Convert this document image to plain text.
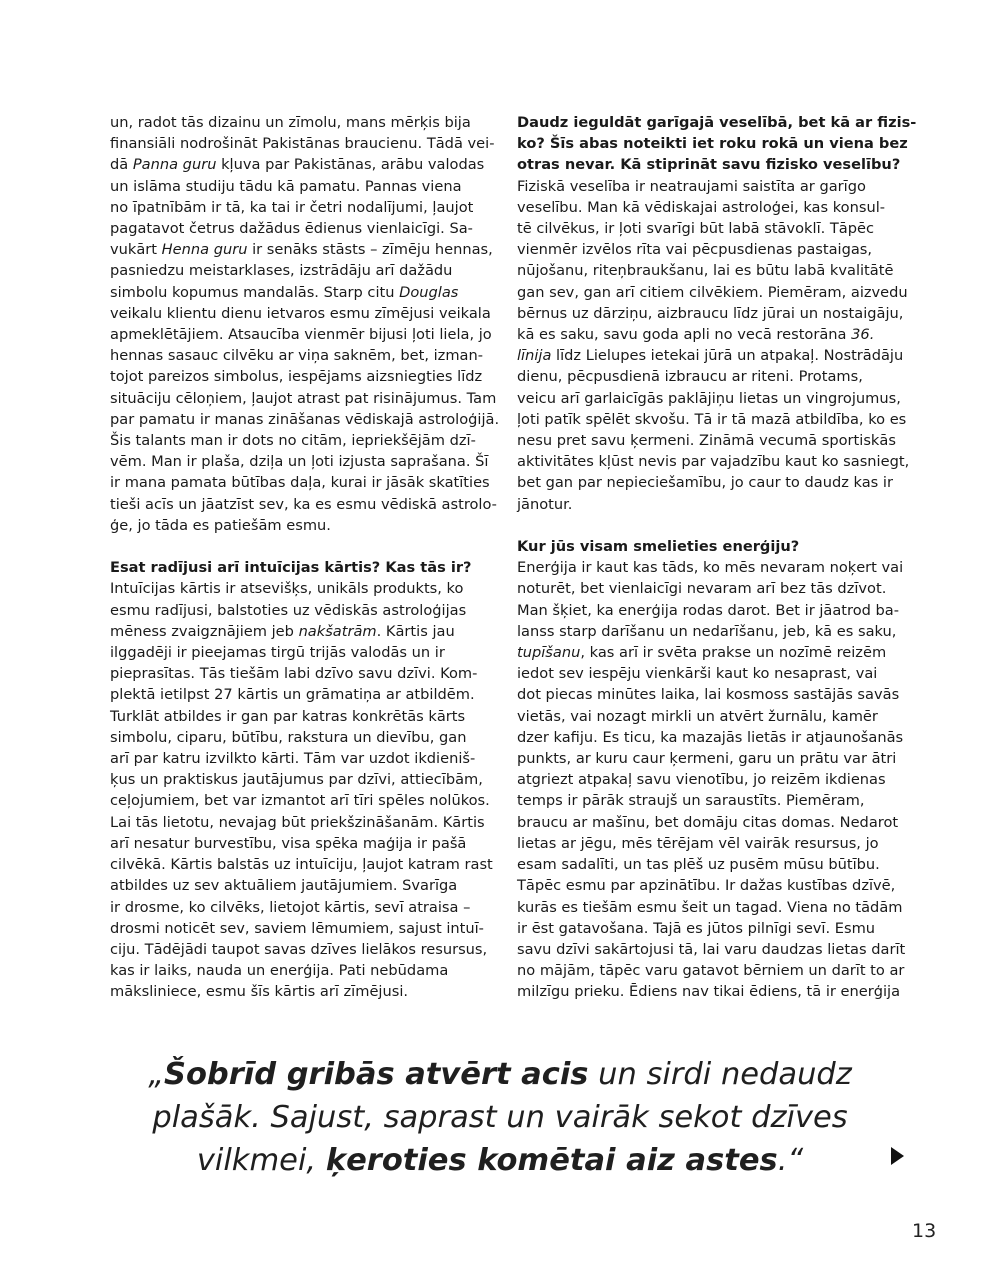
un, radot tās dizainu un zīmolu, mans mērķis bija
finansiāli nodrošināt Pakistānas braucienu. Tādā vei-
dā Panna guru kļuva par Pakistānas, arābu valodas
un islāma studiju tādu kā pamatu. Pannas viena
no īpatnībām ir tā, ka tai ir četri nodalījumi, ļaujot
pagatavot četrus dažādus ēdienus vienlaicīgi. Sa-
vukārt Henna guru ir senāks stāsts – zīmēju hennas,
pasniedzu meistarklases, izstrādāju arī dažādu
simbolu kopumus mandalās. Starp citu Douglas
veikalu klientu dienu ietvaros esmu zīmējusi veikala
apmeklētājiem. Atsaucība vienmēr bijusi ļoti liela, jo
hennas sasauc cilvēku ar viņa saknēm, bet, izman-
tojot pareizos simbolus, iespējams aizsniegties līdz
situāciju cēloņiem, ļaujot atrast pat risinājumus. Tam
par pamatu ir manas zināšanas vēdiskajā astroloģijā.
Šis talants man ir dots no citām, iepriekšējām dzī-
vēm. Man ir plaša, dziļa un ļoti izjusta saprašana. Šī
ir mana pamata būtības daļa, kurai ir jāsāk skatīties
tieši acīs un jāatzīst sev, ka es esmu vēdiskā astrolo-
ģe, jo tāda es patiešām esmu.
Esat radījusi arī intuīcijas kārtis? Kas tās ir?
Intuīcijas kārtis ir atsevišķs, unikāls produkts, ko
esmu radījusi, balstoties uz vēdiskās astroloģijas
mēness zvaigznājiem jeb nakšatrām. Kārtis jau
ilggadēji ir pieejamas tirgū trijās valodās un ir
pieprasītas. Tās tiešām labi dzīvo savu dzīvi. Kom-
plektā ietilpst 27 kārtis un grāmatiņa ar atbildēm.
Turklāt atbildes ir gan par katras konkrētās kārts
simbolu, ciparu, būtību, rakstura un dievību, gan
arī par katru izvilkto kārti. Tām var uzdot ikdieniš-
ķus un praktiskus jautājumus par dzīvi, attiecībām,
ceļojumiem, bet var izmantot arī tīri spēles nolūkos.
Lai tās lietotu, nevajag būt priekšzināšanām. Kārtis
arī nesatur burvestību, visa spēka maģija ir pašā
cilvēkā. Kārtis balstās uz intuīciju, ļaujot katram rast
atbildes uz sev aktuāliem jautājumiem. Svarīga
ir drosme, ko cilvēks, lietojot kārtis, sevī atraisa –
drosmi noticēt sev, saviem lēmumiem, sajust intuī-
ciju. Tādējādi taupot savas dzīves lielākos resursus,
kas ir laiks, nauda un enerģija. Pati nebūdama
māksliniece, esmu šīs kārtis arī zīmējusi.
Daudz ieguldāt garīgajā veselībā, bet kā ar fizis-
ko? Šīs abas noteikti iet roku rokā un viena bez
otras nevar. Kā stiprināt savu fizisko veselību?
Fiziskā veselība ir neatraujami saistīta ar garīgo
veselību. Man kā vēdiskajai astroloģei, kas konsul-
tē cilvēkus, ir ļoti svarīgi būt labā stāvoklī. Tāpēc
vienmēr izvēlos rīta vai pēcpusdienas pastaigas,
nūjošanu, riteņbraukšanu, lai es būtu labā kvalitātē
gan sev, gan arī citiem cilvēkiem. Piemēram, aizvedu
bērnus uz dārziņu, aizbraucu līdz jūrai un nostaigāju,
kā es saku, savu goda apli no vecā restorāna 36.
līnija līdz Lielupes ietekai jūrā un atpakaļ. Nostrādāju
dienu, pēcpusdienā izbraucu ar riteni. Protams,
veicu arī garlaicīgās paklājiņu lietas un vingrojumus,
ļoti patīk spēlēt skvošu. Tā ir tā mazā atbildība, ko es
nesu pret savu ķermeni. Zināmā vecumā sportiskās
aktivitātes kļūst nevis par vajadzību kaut ko sasniegt,
bet gan par nepieciešamību, jo caur to daudz kas ir
jānotur.
Kur jūs visam smelieties enerģiju?
Enerģija ir kaut kas tāds, ko mēs nevaram noķert vai
noturēt, bet vienlaicīgi nevaram arī bez tās dzīvot.
Man šķiet, ka enerģija rodas darot. Bet ir jāatrod ba-
lanss starp darīšanu un nedarīšanu, jeb, kā es saku,
tupīšanu, kas arī ir svēta prakse un nozīmē reizēm
iedot sev iespēju vienkārši kaut ko nesaprast, vai
dot piecas minūtes laika, lai kosmoss sastājās savās
vietās, vai nozagt mirkli un atvērt žurnālu, kamēr
dzer kafiju. Es ticu, ka mazajās lietās ir atjaunošanās
punkts, ar kuru caur ķermeni, garu un prātu var ātri
atgriezt atpakaļ savu vienotību, jo reizēm ikdienas
temps ir pārāk straujš un saraustīts. Piemēram,
braucu ar mašīnu, bet domāju citas domas. Nedarot
lietas ar jēgu, mēs tērējam vēl vairāk resursus, jo
esam sadalīti, un tas plēš uz pusēm mūsu būtību.
Tāpēc esmu par apzinātību. Ir dažas kustības dzīvē,
kurās es tiešām esmu šeit un tagad. Viena no tādām
ir ēst gatavošana. Tajā es jūtos pilnīgi sevī. Esmu
savu dzīvi sakārtojusi tā, lai varu daudzas lietas darīt
no mājām, tāpēc varu gatavot bērniem un darīt to ar
milzīgu prieku. Ēdiens nav tikai ēdiens, tā ir enerģija
„Šobrīd gribās atvērt acis un sirdi nedaudz
plašāk. Sajust, saprast un vairāk sekot dzīves
vilkmei, ķeroties komētai aiz astes.“
13
